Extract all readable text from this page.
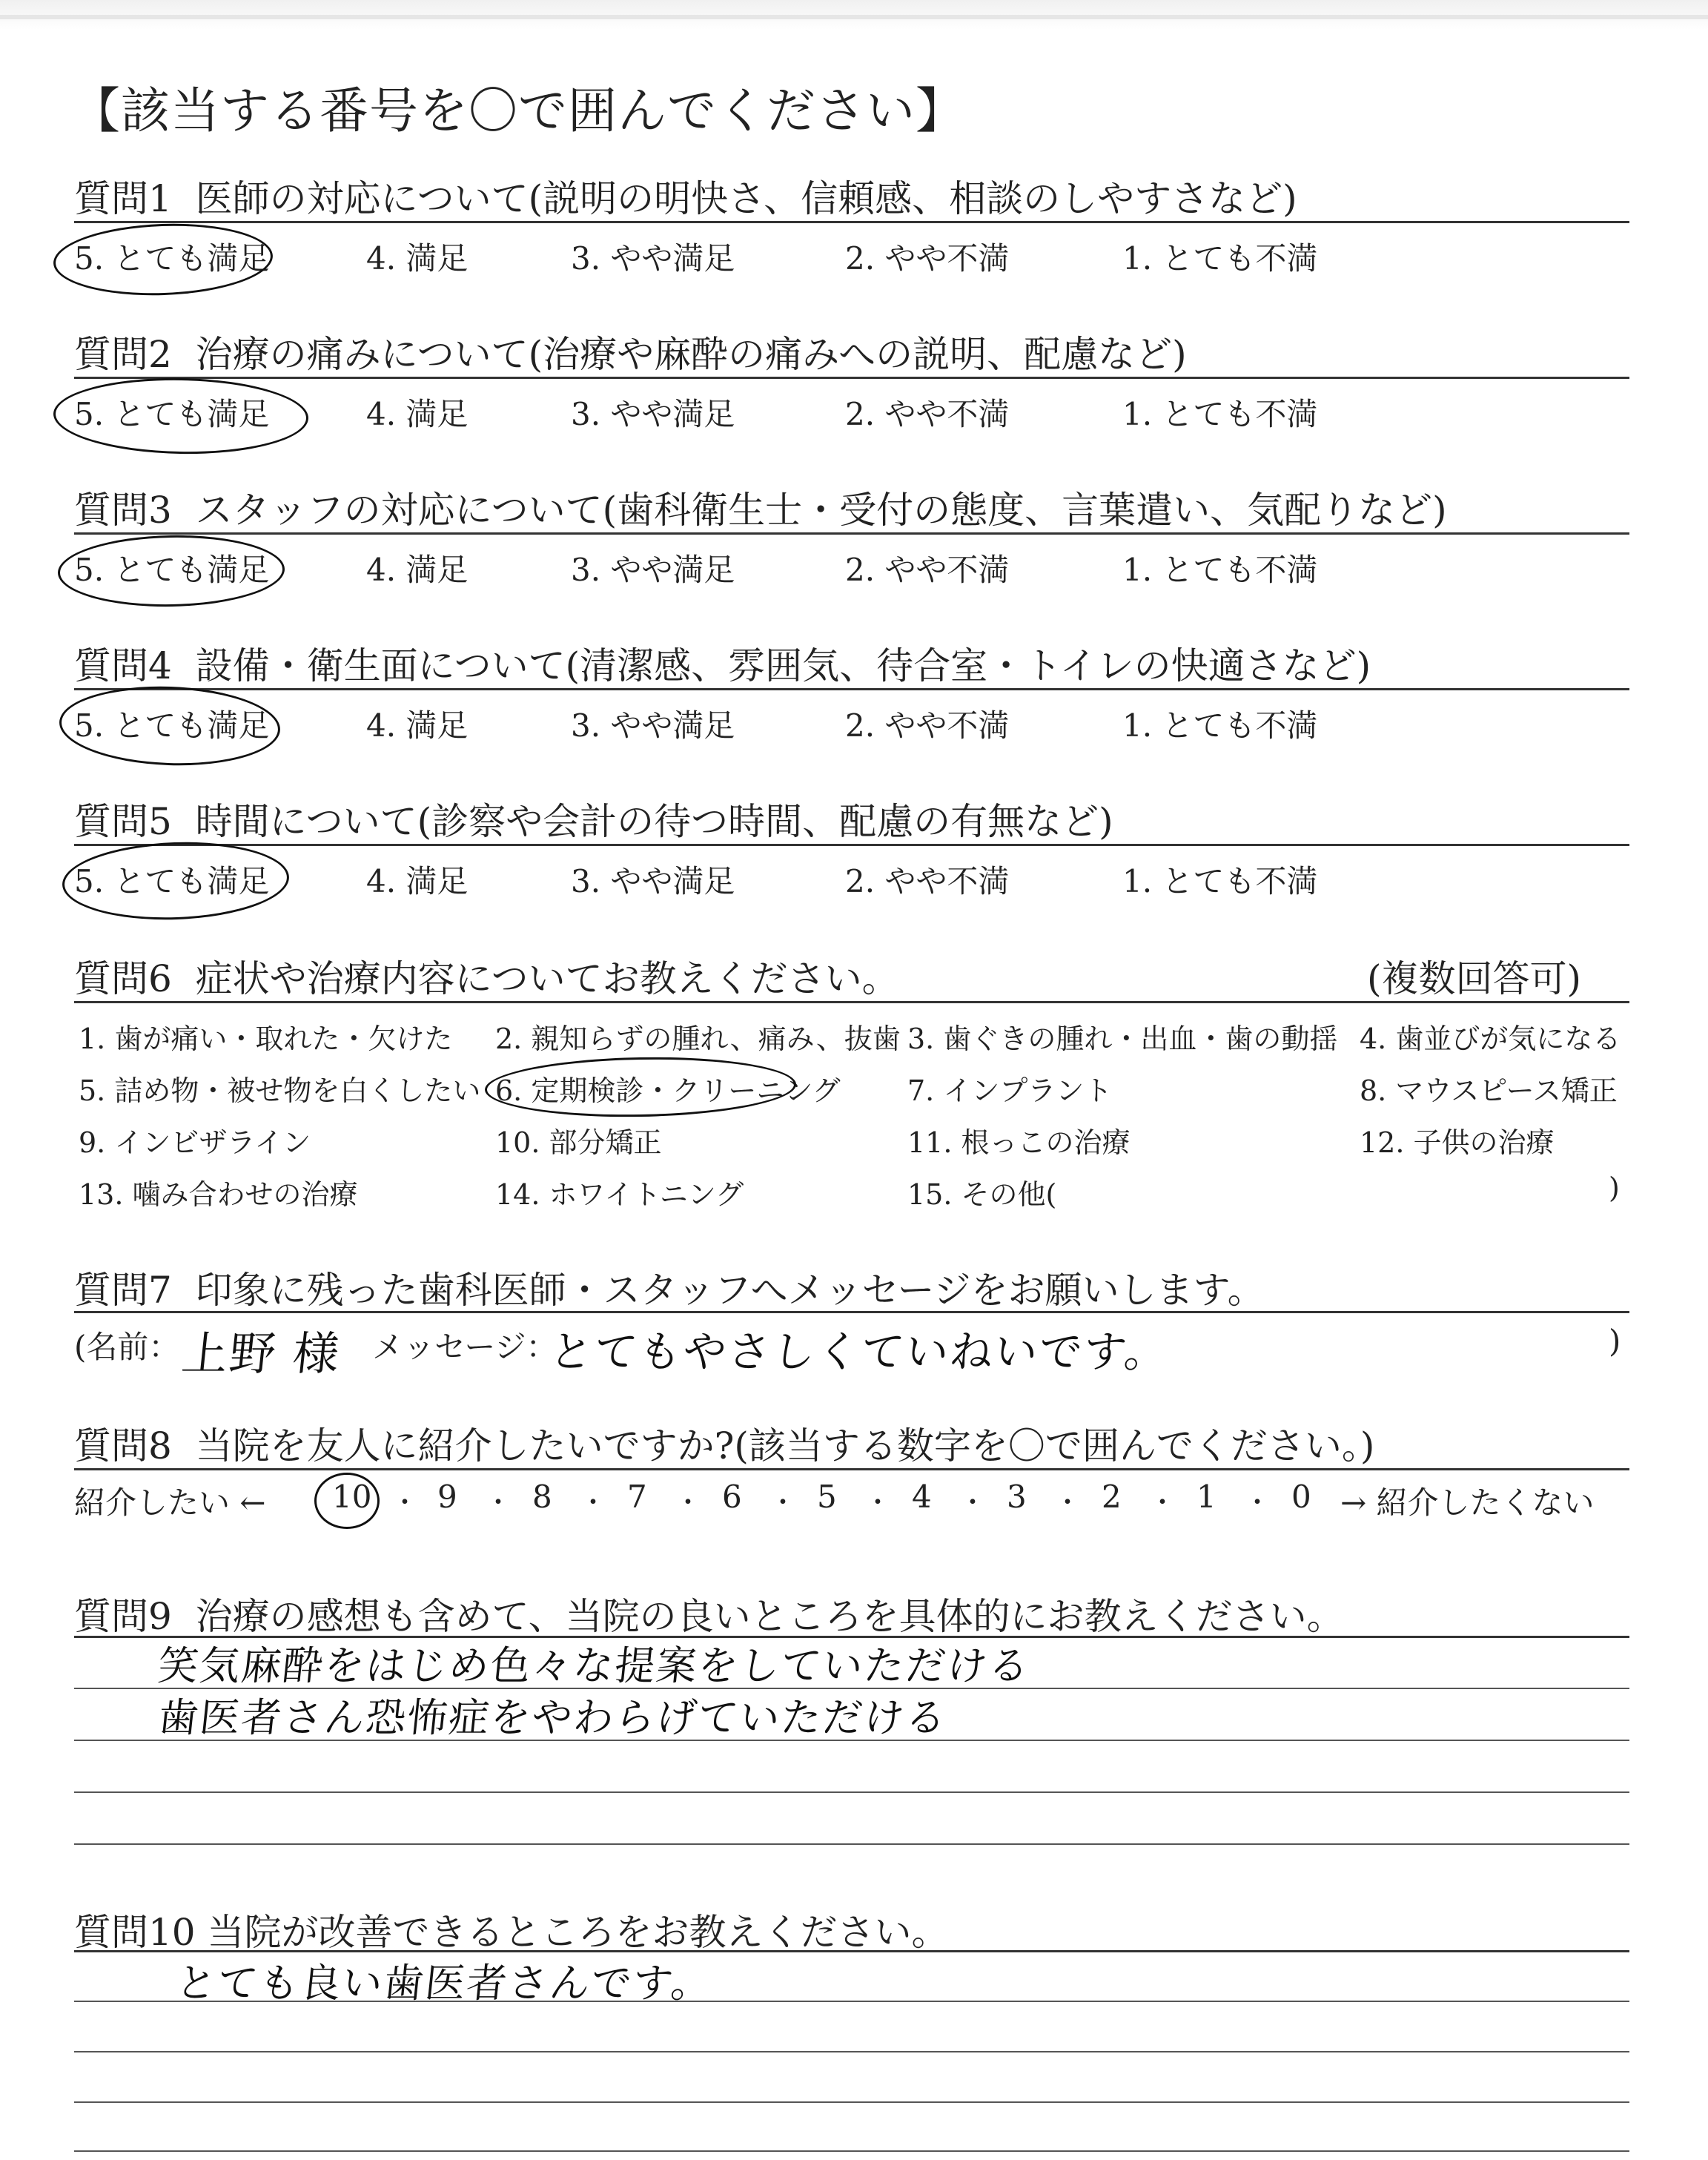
【該当する番号を〇で囲んでください】
質問1 医師の対応について(説明の明快さ、信頼感、相談のしやすさなど)
5. とても満足	4. 満足	3. やや満足	2. やや不満	1. とても不満
質問2 治療の痛みについて(治療や麻酔の痛みへの説明、配慮など)
5. とても満足	4. 満足	3. やや満足	2. やや不満	1. とても不満
質問3 スタッフの対応について(歯科衛生士・受付の態度、言葉遣い、気配りなど)
5. とても満足	4. 満足	3. やや満足	2. やや不満	1. とても不満
質問4 設備・衛生面について(清潔感、雰囲気、待合室・トイレの快適さなど)
5. とても満足	4. 満足	3. やや満足	2. やや不満	1. とても不満
質問5 時間について(診察や会計の待つ時間、配慮の有無など)
5. とても満足	4. 満足	3. やや満足	2. やや不満	1. とても不満
質問6 症状や治療内容についてお教えください。	(複数回答可)
1. 歯が痛い・取れた・欠けた 2. 親知らずの腫れ、痛み、抜歯 3. 歯ぐきの腫れ・出血・歯の動揺 4. 歯並びが気になる
5. 詰め物・被せ物を白くしたい 6. 定期検診・クリーニング 7. インプラント	8. マウスピース矯正
9. インビザライン	10. 部分矯正	11. 根っこの治療	12. 子供の治療
13. 噛み合わせの治療	14. ホワイトニング	15. その他(	)
質問7 印象に残った歯科医師・スタッフへメッセージをお願いします。
(名前： 上野 様 メッセージ：
とてもやさしくていねいです。	)
質問8 当院を友人に紹介したいですか?(該当する数字を〇で囲んでください。)
紹介したい ←	→ 紹介したくない
10 ・ 9 ・ 8 ・ 7 ・ 6 ・ 5 ・ 4 ・ 3 ・ 2 ・ 1 ・ 0
質問9 治療の感想も含めて、当院の良いところを具体的にお教えください。
笑気麻酔をはじめ色々な提案をしていただける
歯医者さん恐怖症をやわらげていただける
質問10 当院が改善できるところをお教えください。
とても良い歯医者さんです。
